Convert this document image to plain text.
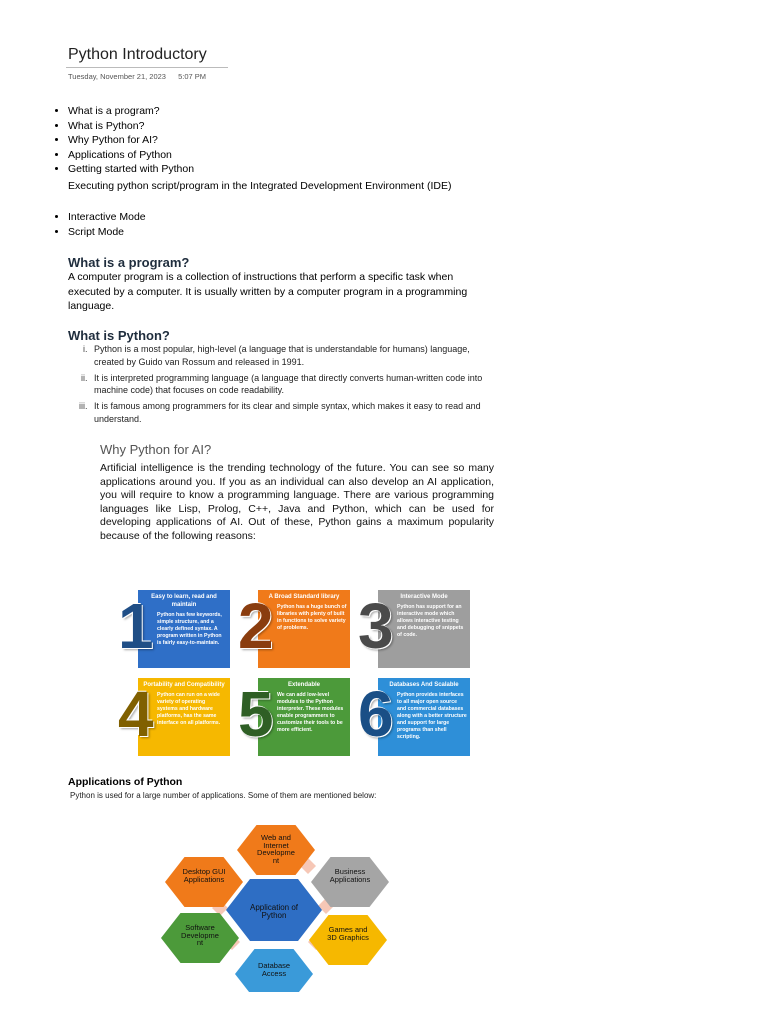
Python Introductory
Tuesday, November 21, 2023 5:07 PM
• What is a program?
• What is Python?
• Why Python for AI?
• Applications of Python
• Getting started with Python
Executing python script/program in the Integrated Development Environment (IDE)
• Interactive Mode
• Script Mode
What is a program?
A computer program is a collection of instructions that perform a specific task when executed by a computer. It is usually written by a computer program in a programming language.
What is Python?
i. Python is a most popular, high-level (a language that is understandable for humans) language, created by Guido van Rossum and released in 1991.
ii. It is interpreted programming language (a language that directly converts human-written code into machine code) that focuses on code readability.
iii. It is famous among programmers for its clear and simple syntax, which makes it easy to read and understand.
Why Python for AI?
Artificial intelligence is the trending technology of the future. You can see so many applications around you. If you as an individual can also develop an AI application, you will require to know a programming language. There are various programming languages like Lisp, Prolog, C++, Java and Python, which can be used for developing applications of AI. Out of these, Python gains a maximum popularity because of the following reasons:
Easy to learn, read and maintain
Python has few keywords, simple structure, and a clearly defined syntax. A program written in Python is fairly easy-to-maintain.
1	A Broad Standard library
Python has a huge bunch of libraries with plenty of built in functions to solve variety of problems.
2	Interactive Mode
Python has support for an interactive mode which allows interactive testing and debugging of snippets of code.
3
Portability and Compatibility
Python can run on a wide variety of operating systems and hardware platforms, has the same interface on all platforms.
4	Extendable
We can add low-level modules to the Python interpreter. These modules enable programmers to customize their tools to be more efficient.
5	Databases And Scalable
Python provides interfaces to all major open source and commercial databases along with a better structure and support for large programs than shell scripting.
6
Applications of Python
Python is used for a large number of applications. Some of them are mentioned below:
Web and Internet Developme nt
Business Applications
Games and 3D Graphics
Database Access
Software Developme nt
Desktop GUI Applications
Application of Python
